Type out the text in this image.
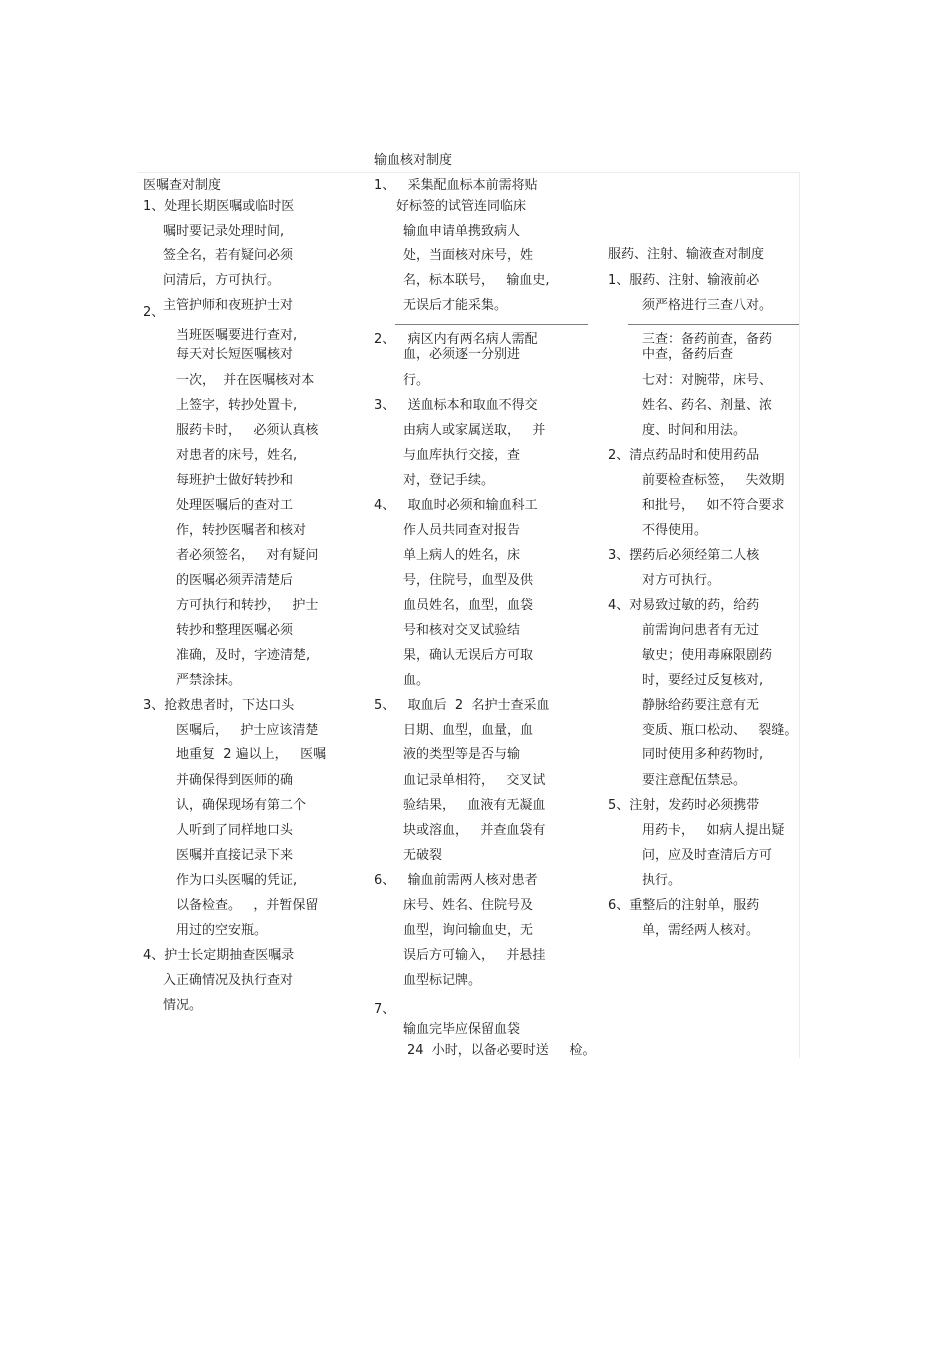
输血核对制度
医嘱查对制度
服药、注射、输液查对制度
1、处理长期医嘱或临时医
嘱时要记录处理时间,
签全名，若有疑问必须
问清后，方可执行。
2、
主管护师和夜班护士对
当班医嘱要进行查对,
每天对长短医嘱核对
一次，  并在医嘱核对本
上签字，转抄处置卡,
服药卡时，   必须认真核
对患者的床号，姓名,
每班护士做好转抄和
处理医嘱后的查对工
作，转抄医嘱者和核对
者必须签名，   对有疑问
的医嘱必须弄清楚后
方可执行和转抄，   护士
转抄和整理医嘱必须
准确，及时，字迹清楚,
严禁涂抹。
3、抢救患者时，下达口头
医嘱后，   护士应该清楚
地重复  2 遍以上，   医嘱
并确保得到医师的确
认，确保现场有第二个
人听到了同样地口头
医嘱并直接记录下来
作为口头医嘱的凭证,
以备检查。   ，并暂保留
用过的空安瓶。
4、护士长定期抽查医嘱录
入正确情况及执行查对
情况。
1、   采集配血标本前需将贴
好标签的试管连同临床
输血申请单携致病人
处，当面核对床号，姓
名，标本联号，   输血史,
无误后才能采集。
2、   病区内有两名病人需配
血，必须逐一分别进
行。
3、   送血标本和取血不得交
由病人或家属送取，   并
与血库执行交接，查
对，登记手续。
4、   取血时必须和输血科工
作人员共同查对报告
单上病人的姓名，床
号，住院号，血型及供
血员姓名，血型，血袋
号和核对交叉试验结
果，确认无误后方可取
血。
5、   取血后  2  名护士查采血
日期、血型，血量，血
液的类型等是否与输
血记录单相符，   交叉试
验结果，   血液有无凝血
块或溶血，   并查血袋有
无破裂
6、   输血前需两人核对患者
床号、姓名、住院号及
血型，询问输血史，无
误后方可输入，   并悬挂
血型标记牌。
7、
输血完毕应保留血袋
24  小时，以备必要时送     检。
1、服药、注射、输液前必
须严格进行三查八对。
三查：备药前查，备药
中查，备药后查
七对：对腕带，床号、
姓名、药名、剂量、浓
度、时间和用法。
2、清点药品时和使用药品
前要检查标签，   失效期
和批号，   如不符合要求
不得使用。
3、摆药后必须经第二人核
对方可执行。
4、对易致过敏的药，给药
前需询问患者有无过
敏史；使用毒麻限剧药
时，要经过反复核对,
静脉给药要注意有无
变质、瓶口松动、   裂缝。
同时使用多种药物时,
要注意配伍禁忌。
5、注射，发药时必须携带
用药卡，   如病人提出疑
问，应及时查清后方可
执行。
6、重整后的注射单，服药
单，需经两人核对。
